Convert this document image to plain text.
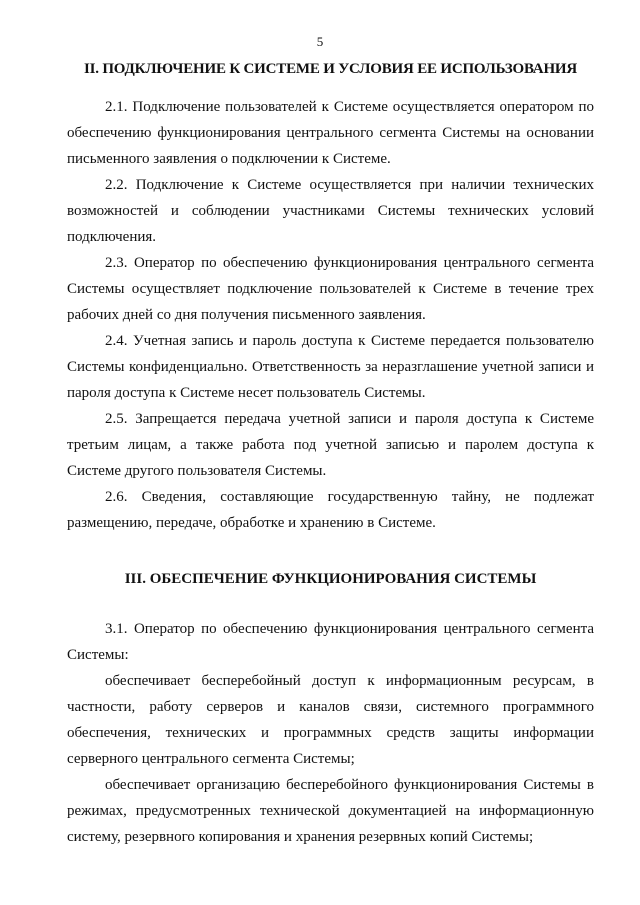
5
II. ПОДКЛЮЧЕНИЕ К СИСТЕМЕ И УСЛОВИЯ ЕЕ ИСПОЛЬЗОВАНИЯ

2.1. Подключение пользователей к Системе осуществляется оператором по обеспечению функционирования центрального сегмента Системы на основании письменного заявления о подключении к Системе.

2.2. Подключение к Системе осуществляется при наличии технических возможностей и соблюдении участниками Системы технических условий подключения.

2.3. Оператор по обеспечению функционирования центрального сегмента Системы осуществляет подключение пользователей к Системе в течение трех рабочих дней со дня получения письменного заявления.

2.4. Учетная запись и пароль доступа к Системе передается пользователю Системы конфиденциально. Ответственность за неразглашение учетной записи и пароля доступа к Системе несет пользователь Системы.

2.5. Запрещается передача учетной записи и пароля доступа к Системе третьим лицам, а также работа под учетной записью и паролем доступа к Системе другого пользователя Системы.

2.6. Сведения, составляющие государственную тайну, не подлежат размещению, передаче, обработке и хранению в Системе.

III. ОБЕСПЕЧЕНИЕ ФУНКЦИОНИРОВАНИЯ СИСТЕМЫ

3.1. Оператор по обеспечению функционирования центрального сегмента Системы:

обеспечивает бесперебойный доступ к информационным ресурсам, в частности, работу серверов и каналов связи, системного программного обеспечения, технических и программных средств защиты информации серверного центрального сегмента Системы;

обеспечивает организацию бесперебойного функционирования Системы в режимах, предусмотренных технической документацией на информационную систему, резервного копирования и хранения резервных копий Системы;
